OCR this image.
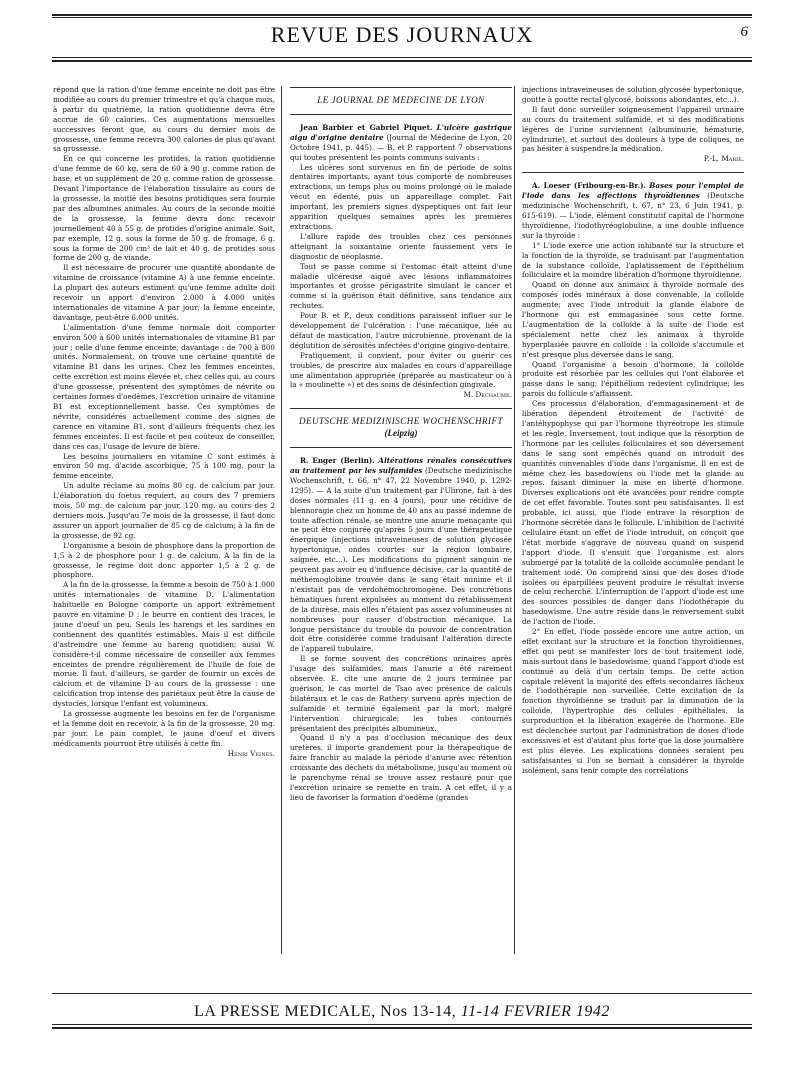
REVUE DES JOURNAUX	6

répond que la ration d'une femme enceinte ne doit pas être modifiée au cours du premier trimestre et qu'à chaque mois, à partir du quatrième, la ration quotidienne devra être accrue de 60 calories. Ces augmentations mensuelles successives feront que, au cours du dernier mois de grossesse, une femme recevra 300 calories de plus qu'avant sa grossesse.

En ce qui concerne les protides, la ration quotidienne d'une femme de 60 kg. sera de 60 à 90 g. comme ration de base, et un supplément de 20 g. comme ration de grossesse. Devant l'importance de l'élaboration tissulaire au cours de la grossesse, la moitié des besoins protidiques sera fournie par des albumines animales. Au cours de la seconde moitié de la grossesse, la femme devra donc recevoir journellement 40 à 55 g. de protides d'origine animale. Soit, par exemple, 12 g. sous la forme de 50 g. de fromage, 6 g. sous la forme de 200 cm³ de lait et 40 g. de protides sous forme de 200 g. de viande.

Il est nécessaire de procurer une quantité abondante de vitamine de croissance (vitamine A) à une femme enceinte. La plupart des auteurs estiment qu'une femme adulte doit recevoir un apport d'environ 2.000 à 4.000 unités internationales de vitamine A par jour; la femme enceinte, davantage, peut-être 6.000 unités.

L'alimentation d'une femme normale doit comporter environ 500 à 600 unités internationales de vitamine B1 par jour ; celle d'une femme enceinte, davantage : de 700 à 800 unités. Normalement, on trouve une certaine quantité de vitamine B1 dans les urines. Chez les femmes enceintes, cette excrétion est moins élevée et, chez celles qui, au cours d'une grossesse, présentent des symptômes de névrite ou certaines formes d'oedèmes, l'excrétion urinaire de vitamine B1 est exceptionnellement basse. Ces symptômes de névrite, considérés actuellement comme des signes de carence en vitamine B1, sont d'ailleurs fréquents chez les femmes enceintes. Il est facile et peu coûteux de conseiller, dans ces cas, l'usage de levure de bière.

Les besoins journaliers en vitamine C sont estimés à environ 50 mg. d'acide ascorbique, 75 à 100 mg. pour la femme enceinte.

Un adulte réclame au moins 80 cg. de calcium par jour. L'élaboration du foetus requiert, au cours des 7 premiers mois, 50 mg. de calcium par jour, 120 mg. au cours des 2 derniers mois. Jusqu'au 7e mois de la grossesse, il faut donc assurer un apport journalier de 85 cg de calcium; à la fin de la grossesse, de 92 cg.

L'organisme a besoin de phosphore dans la proportion de 1,5 à 2 de phosphore pour 1 g. de calcium. A la fin de la grossesse, le régime doit donc apporter 1,5 à 2 g. de phosphore.

A la fin de la grossesse, la femme a besoin de 750 à 1.000 unités internationales de vitamine D. L'alimentation habituelle en Bologne comporte un apport extrêmement pauvre en vitamine D : le beurre en contient des traces, le jaune d'oeuf un peu. Seuls les harengs et les sardines en contiennent des quantités estimables. Mais il est difficile d'astreindre une femme au hareng quotidien; aussi W. considère-t-il comme nécessaire de conseiller aux femmes enceintes de prendre régulièrement de l'huile de foie de morue. Il faut, d'ailleurs, se garder de fournir un excès de calcium et de vitamine D au cours de la grossesse : une calcification trop intense des pariétaux peut être la cause de dystocies, lorsque l'enfant est volumineux.

La grossesse augmente les besoins en fer de l'organisme et la femme doit en recevoir, à la fin de la grossesse, 20 mg. par jour. Le pain complet, le jaune d'oeuf et divers médicaments pourront être utilisés à cette fin.

Henri Vignes.

LE JOURNAL DE MEDECINE DE LYON

Jean Barbier et Gabriel Piquet. L'ulcère gastrique aigu d'origine dentaire (Journal de Médecine de Lyon, 20 Octobre 1941, p. 445). — B. et P. rapportent 7 observations qui toutes présentent les points communs suivants :

Les ulcères sont survenus en fin de période de soins dentaires importants, ayant tous comporté de nombreuses extractions, un temps plus ou moins prolongé où le malade vécut en édenté, puis un appareillage complet. Fait important, les premiers signes dyspeptiques ont fait leur apparition quelques semaines après les premières extractions.

L'allure rapide des troubles chez ces personnes atteignant la soixantaine oriente faussement vers le diagnostic de néoplasme.

Tout se passe comme si l'estomac était atteint d'une maladie ulcéreuse aiguë avec lésions inflammatoires importantes et grosse périgastrite simulant le cancer et comme si la guérison était définitive, sans tendance aux rechutes.

Pour B. et P., deux conditions paraissent influer sur le développement de l'ulcération : l'une mécanique, liée au défaut de mastication, l'autre microbienne, provenant de la déglutition de sérosités infectées d'origine gingivo-dentaire.

Pratiquement, il convient, pour éviter ou guérir ces troubles, de prescrire aux malades en cours d'appareillage une alimentation appropriée (préparée au masticateur ou à la « moulinette ») et des soins de désinfection gingivale.

M. Dechaume.

DEUTSCHE MEDIZINISCHE WOCHENSCHRIFT
(Leipzig)

R. Enger (Berlin). Altérations rénales consécutives au traitement par les sulfamides (Deutsche medizinische Wochenschrift, t. 66, n° 47, 22 Novembre 1940, p. 1292-1295). — A la suite d'un traitement par l'Ulirone, fait à des doses normales (11 g. en 4 jours), pour une récidive de blennoragie chez un homme de 40 ans au passé indemne de toute affection rénale, se montre une anurie menaçante qui ne peut être conjurée qu'après 5 jours d'une thérapeutique énergique (injections intraveineuses de solution glycosée hypertonique, ondes courtes sur la région lombaire, saignée, etc...). Les modifications du pigment sanguin ne peuvent pas avoir eu d'influence décisive, car la quantité de méthémoglobine trouvée dans le sang était minime et il n'existait pas de verdohémochromogène. Des concrétions hématiques furent expulsées au moment du rétablissement de la diurèse, mais elles n'étaient pas assez volumineuses ni nombreuses pour causer d'obstruction mécanique. La longue persistance du trouble du pouvoir de concentration doit être considérée comme traduisant l'altération directe de l'appareil tubulaire.

Il se forme souvent des concrétions urinaires après l'usage des sulfamides, mais l'anurie a été rarement observée. E. cite une anurie de 2 jours terminée par guérison, le cas mortel de Tsao avec présence de calculs bilatéraux et le cas de Rathery survenu après injection de sulfamide et terminé également par la mort, malgré l'intervention chirurgicale; les tubes contournés présentaient des précipités albumineux.

Quand il n'y a pas d'occlusion mécanique des deux uretères, il importe grandement pour la thérapeutique de faire franchir au malade la période d'anurie avec rétention croissante des déchets du métabolisme, jusqu'au moment où le parenchyme rénal se trouve assez restauré pour que l'excrétion urinaire se remette en train. A cet effet, il y a lieu de favoriser la formation d'oedème (grandes

injections intraveineuses de solution glycosée hypertonique, goutte à goutte rectal glycosé, boissons abondantes, etc...).

Il faut donc surveiller soigneusement l'appareil urinaire au cours du traitement sulfamidé, et si des modifications légères de l'urine surviennent (albuminurie, hématurie, cylindrurie), et surtout des douleurs à type de coliques, ne pas hésiter à suspendre la médication.

P.-L. Marie.

A. Loeser (Fribourg-en-Br.). Bases pour l'emploi de l'iode dans les affections thyroïdiennes (Deutsche medizinische Wochenschrift, t. 67, n° 23, 6 Juin 1941, p. 615-619). — L'iode, élément constitutif capital de l'hormone thyroïdienne, l'iodothyréoglobuline, a une double influence sur la thyroïde :

1° L'iode exerce une action inhibante sur la structure et la fonction de la thyroïde, se traduisant par l'augmentation de la substance colloïde, l'aplatissement de l'épithélium folliculaire et la moindre libération d'hormone thyroïdienne.

Quand on donne aux animaux à thyroïde normale des composés iodés minéraux à dose convenable, la colloïde augmente; avec l'iode introduit la glande élabore de l'hormone qui est emmagasinée sous cette forme. L'augmentation de la colloïde à la suite de l'iode est spécialement nette chez les animaux à thyroïde hyperplasiée pauvre en colloïde : la colloïde s'accumule et n'est presque plus déversée dans le sang.

Quand l'organisme a besoin d'hormone, la colloïde produite est résorbée par les cellules qui l'ont élaborée et passe dans le sang; l'épithélium redevient cylindrique; les parois du follicule s'affaissent.

Ces processus d'élaboration, d'emmagasinement et de libération dépendent étroitement de l'activité de l'antéhypophyse qui par l'hormone thyréotrope les stimule et les règle. Inversement, tout indique que la résorption de l'hormone par les cellules folliculaires et son déversement dans le sang sont empêchés quand on introduit des quantités convenables d'iode dans l'organisme. Il en est de même chez les basedowiens où l'iode met la glande au repos, faisant diminuer la mise en liberté d'hormone. Diverses explications ont été avancées pour rendre compte de cet effet favorable. Toutes sont peu satisfaisantes. Il est probable, ici aussi, que l'iode entrave la résorption de l'hormone sécrétée dans le follicule. L'inhibition de l'activité cellulaire étant un effet de l'iode introduit, on conçoit que l'état morbide s'aggrave de nouveau quand on suspend l'apport d'iode. Il s'ensuit que l'organisme est alors submergé par la totalité de la colloïde accumulée pendant le traitement iodé. On comprend ainsi que des doses d'iode isolées ou éparpillées peuvent produire le résultat inverse de celui recherché. L'interruption de l'apport d'iode est une des sources possibles de danger dans l'iodothérapie du basedowisme. Une autre réside dans le renversement subit de l'action de l'iode.

2° En effet, l'iode possède encore une autre action, un effet excitant sur la structure et la fonction thyroïdiennes, effet qui peut se manifester lors de tout traitement iodé, mais surtout dans le basedowisme, quand l'apport d'iode est continué au delà d'un certain temps. De cette action capitale relèvent la majorité des effets secondaires fâcheux de l'iodothérapie non surveillée. Cette excitation de la fonction thyroïdienne se traduit par la diminution de la colloïde, l'hypertrophie des cellules épithéliales, la surproduction et la libération exagérée de l'hormone. Elle est déclenchée surtout par l'administration de doses d'iode excessives et est d'autant plus forte que la dose journalière est plus élevée. Les explications données seraient peu satisfaisantes si l'on se bornait à considérer la thyroïde isolément, sans tenir compte des corrélations

LA PRESSE MEDICALE, Nos 13-14, 11-14 FEVRIER 1942
